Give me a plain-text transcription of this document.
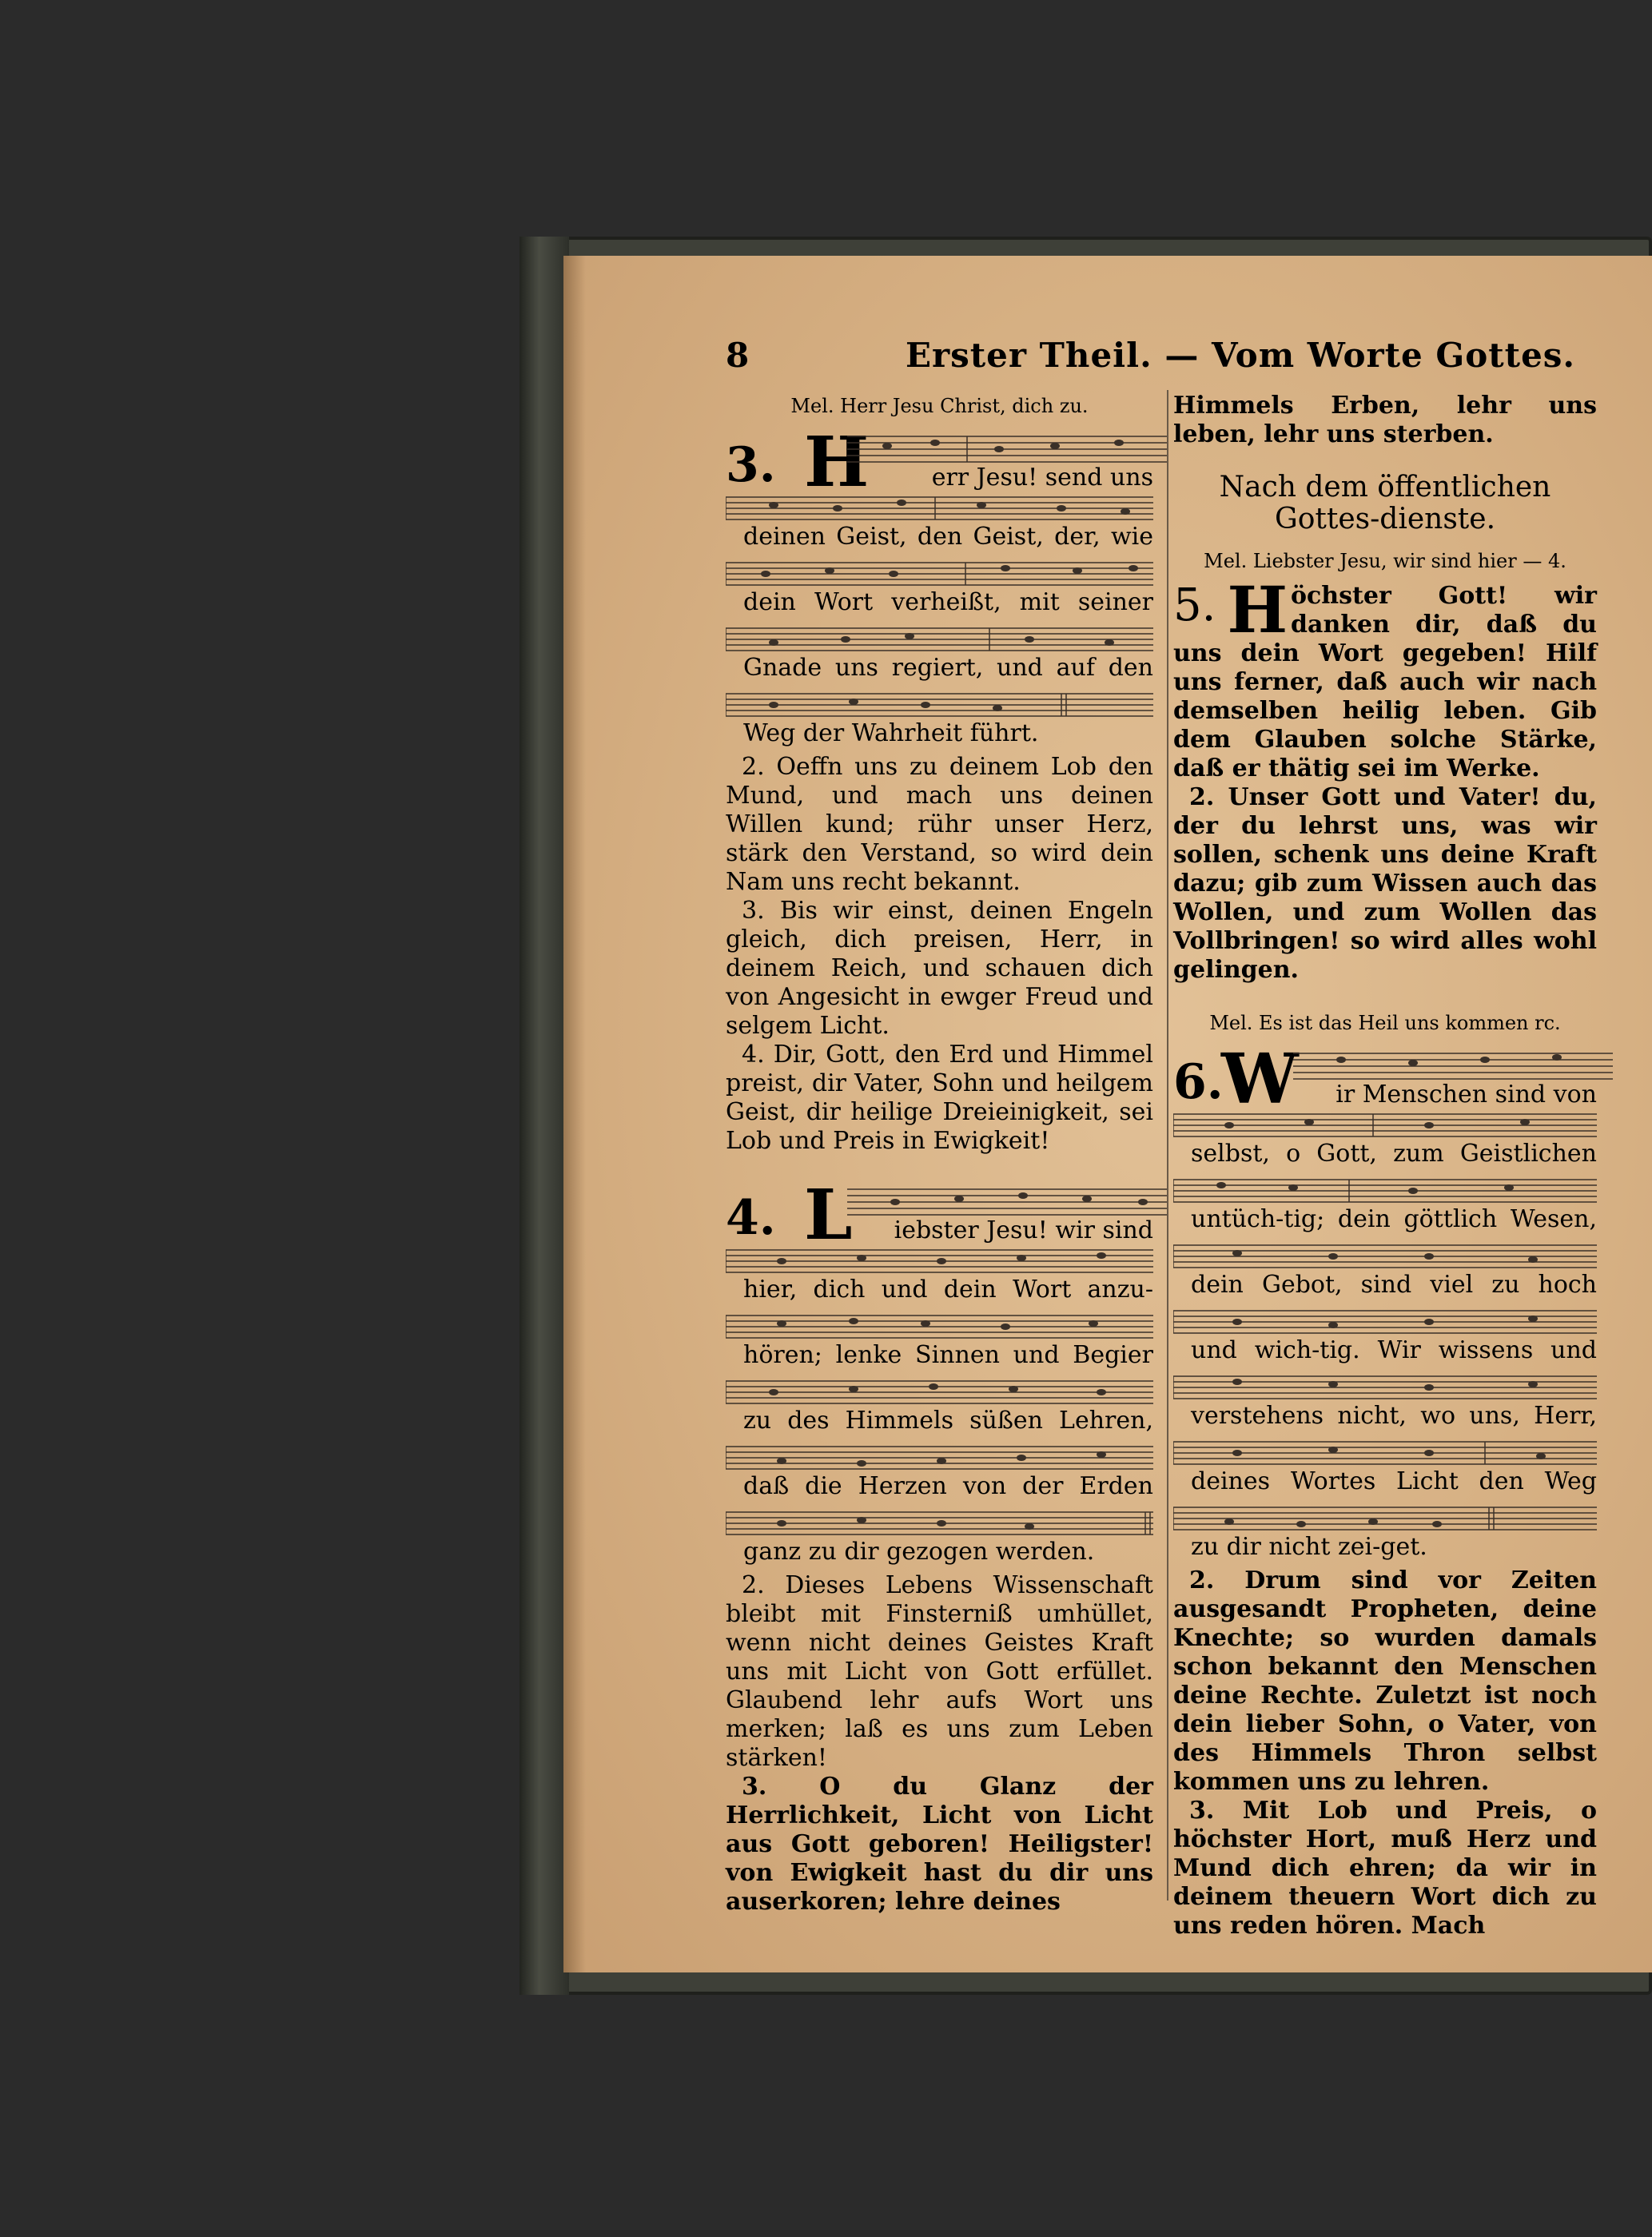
8	Erster Theil. — Vom Worte Gottes.
Mel. Herr Jesu Christ, dich zu.
3. H	err Jesu! send uns
deinen Geist, den Geist, der, wie
dein Wort verheißt, mit seiner
Gnade uns regiert, und auf den
Weg der Wahrheit führt.

2. Oeffn uns zu deinem Lob den Mund, und mach uns deinen Willen kund; rühr unser Herz, stärk den Verstand, so wird dein Nam uns recht bekannt.

3. Bis wir einst, deinen Engeln gleich, dich preisen, Herr, in deinem Reich, und schauen dich von Angesicht in ewger Freud und selgem Licht.

4. Dir, Gott, den Erd und Himmel preist, dir Vater, Sohn und heilgem Geist, dir heilige Dreieinigkeit, sei Lob und Preis in Ewigkeit!

4. L iebster Jesu! wir sind
hier, dich und dein Wort anzu-
hören; lenke Sinnen und Begier
zu des Himmels süßen Lehren,
daß die Herzen von der Erden
ganz zu dir gezogen werden.

2. Dieses Lebens Wissenschaft bleibt mit Finsterniß umhüllet, wenn nicht deines Geistes Kraft uns mit Licht von Gott erfüllet. Glaubend lehr aufs Wort uns merken; laß es uns zum Leben stärken!

3. O du Glanz der Herrlichkeit, Licht von Licht aus Gott geboren! Heiligster! von Ewigkeit hast du dir uns auserkoren; lehre deines

Himmels Erben, lehr uns leben, lehr uns sterben.

Nach dem öffentlichen Gottes-dienste.
Mel. Liebster Jesu, wir sind hier — 4.
5. H öchster Gott! wir danken dir, daß du uns dein Wort gegeben! Hilf uns ferner, daß auch wir nach demselben heilig leben. Gib dem Glauben solche Stärke, daß er thätig sei im Werke.

2. Unser Gott und Vater! du, der du lehrst uns, was wir sollen, schenk uns deine Kraft dazu; gib zum Wissen auch das Wollen, und zum Wollen das Vollbringen! so wird alles wohl gelingen.

Mel. Es ist das Heil uns kommen rc.
6.
W ir Menschen sind von
selbst, o Gott, zum Geistlichen
untüch-tig; dein göttlich Wesen,
dein Gebot, sind viel zu hoch
und wich-tig. Wir wissens und
verstehens nicht, wo uns, Herr,
deines Wortes Licht den Weg
zu dir nicht zei-get.

2. Drum sind vor Zeiten ausgesandt Propheten, deine Knechte; so wurden damals schon bekannt den Menschen deine Rechte. Zuletzt ist noch dein lieber Sohn, o Vater, von des Himmels Thron selbst kommen uns zu lehren.

3. Mit Lob und Preis, o höchster Hort, muß Herz und Mund dich ehren; da wir in deinem theuern Wort dich zu uns reden hören. Mach
